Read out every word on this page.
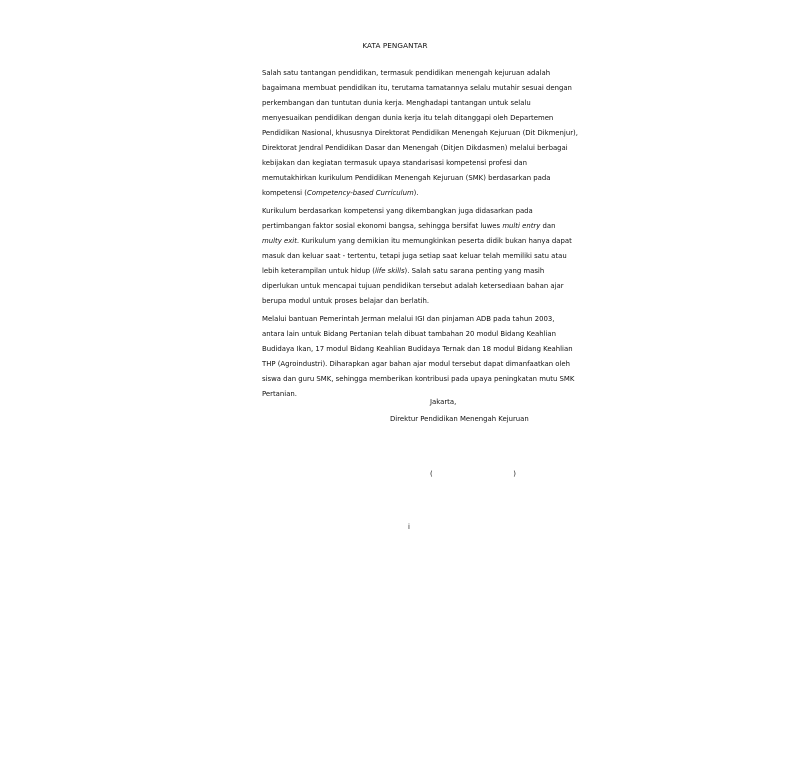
KATA PENGANTAR

Salah satu tantangan pendidikan, termasuk pendidikan menengah kejuruan adalah
bagaimana membuat pendidikan itu, terutama tamatannya selalu mutahir sesuai dengan
perkembangan dan tuntutan dunia kerja. Menghadapi tantangan untuk selalu
menyesuaikan pendidikan dengan dunia kerja itu telah ditanggapi oleh Departemen
Pendidikan Nasional, khususnya Direktorat Pendidikan Menengah Kejuruan (Dit Dikmenjur),
Direktorat Jendral Pendidikan Dasar dan Menengah (Ditjen Dikdasmen) melalui berbagai
kebijakan dan kegiatan termasuk upaya standarisasi kompetensi profesi dan
memutakhirkan kurikulum Pendidikan Menengah Kejuruan (SMK) berdasarkan pada
kompetensi (Competency-based Curriculum).

Kurikulum berdasarkan kompetensi yang dikembangkan juga didasarkan pada
pertimbangan faktor sosial ekonomi bangsa, sehingga bersifat luwes multi entry dan
multy exit. Kurikulum yang demikian itu memungkinkan peserta didik bukan hanya dapat
masuk dan keluar saat - tertentu, tetapi juga setiap saat keluar telah memiliki satu atau
lebih keterampilan untuk hidup (life skills). Salah satu sarana penting yang masih
diperlukan untuk mencapai tujuan pendidikan tersebut adalah ketersediaan bahan ajar
berupa modul untuk proses belajar dan berlatih.

Melalui bantuan Pemerintah Jerman melalui IGI dan pinjaman ADB pada tahun 2003,
antara lain untuk Bidang Pertanian telah dibuat tambahan 20 modul Bidang Keahlian
Budidaya Ikan, 17 modul Bidang Keahlian Budidaya Ternak dan 18 modul Bidang Keahlian
THP (Agroindustri). Diharapkan agar bahan ajar modul tersebut dapat dimanfaatkan oleh
siswa dan guru SMK, sehingga memberikan kontribusi pada upaya peningkatan mutu SMK
Pertanian.

Jakarta,

Direktur Pendidikan Menengah Kejuruan

(	)

i
